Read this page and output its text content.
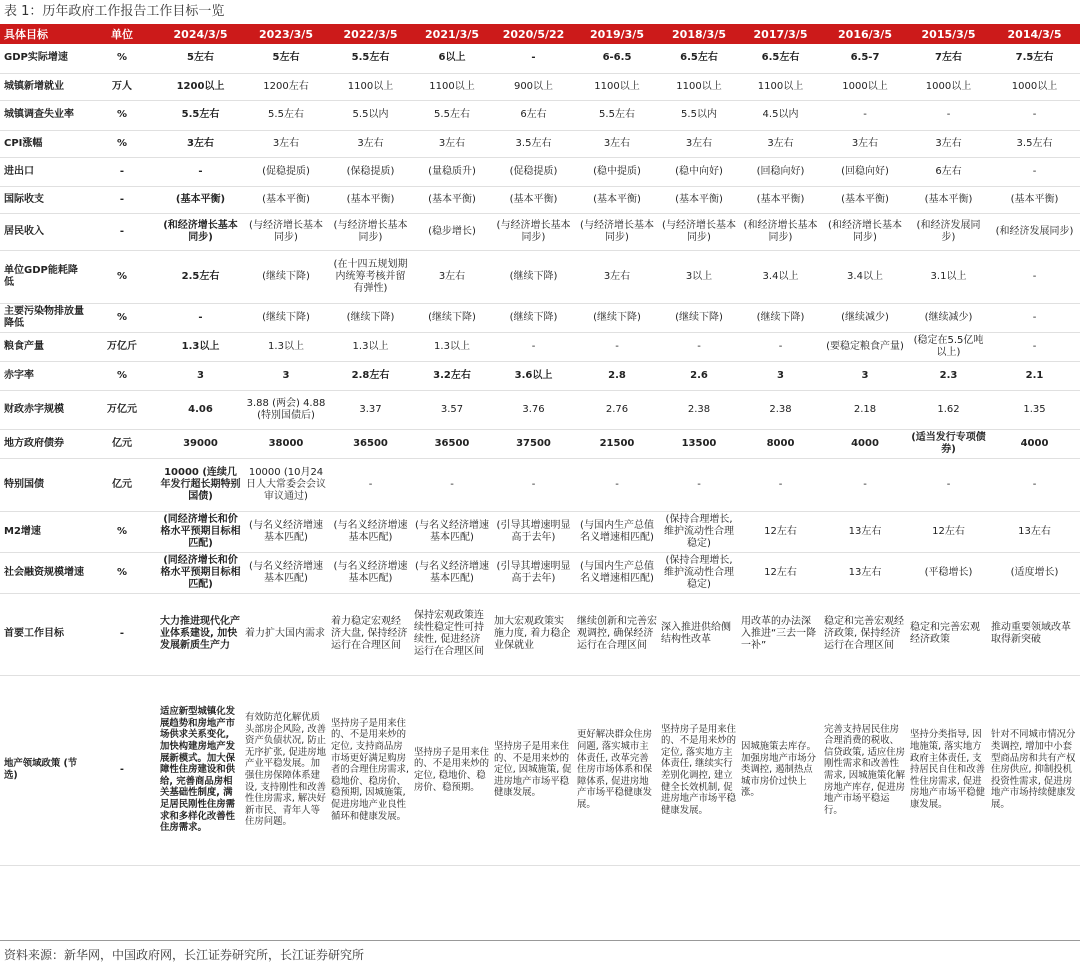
表 1：历年政府工作报告工作目标一览
具体目标	单位	2024/3/5	2023/3/5	2022/3/5	2021/3/5	2020/5/22	2019/3/5	2018/3/5	2017/3/5	2016/3/5	2015/3/5	2014/3/5
GDP实际增速	%	5左右	5左右	5.5左右	6以上	-	6-6.5	6.5左右	6.5左右	6.5-7	7左右	7.5左右
城镇新增就业	万人	1200以上	1200左右	1100以上	1100以上	900以上	1100以上	1100以上	1100以上	1000以上	1000以上	1000以上
城镇调查失业率	%	5.5左右	5.5左右	5.5以内	5.5左右	6左右	5.5左右	5.5以内	4.5以内	-	-	-
CPI涨幅	%	3左右	3左右	3左右	3左右	3.5左右	3左右	3左右	3左右	3左右	3左右	3.5左右
进出口	-	-	(促稳提质)	(保稳提质)	(量稳质升)	(促稳提质)	(稳中提质)	(稳中向好)	(回稳向好)	(回稳向好)	6左右	-
国际收支	-	(基本平衡)	(基本平衡)	(基本平衡)	(基本平衡)	(基本平衡)	(基本平衡)	(基本平衡)	(基本平衡)	(基本平衡)	(基本平衡)	(基本平衡)
居民收入	-	(和经济增长基本同步)	(与经济增长基本同步)	(与经济增长基本同步)	(稳步增长)	(与经济增长基本同步)	(与经济增长基本同步)	(与经济增长基本同步)	(和经济增长基本同步)	(和经济增长基本同步)	(和经济发展同步)	(和经济发展同步)
单位GDP能耗降低	%	2.5左右	(继续下降)	(在十四五规划期内统筹考核并留有弹性)	3左右	(继续下降)	3左右	3以上	3.4以上	3.4以上	3.1以上	-
主要污染物排放量降低	%	-	(继续下降)	(继续下降)	(继续下降)	(继续下降)	(继续下降)	(继续下降)	(继续下降)	(继续减少)	(继续减少)	-
粮食产量	万亿斤	1.3以上	1.3以上	1.3以上	1.3以上	-	-	-	-	(要稳定粮食产量)	(稳定在5.5亿吨以上)	-
赤字率	%	3	3	2.8左右	3.2左右	3.6以上	2.8	2.6	3	3	2.3	2.1
财政赤字规模	万亿元	4.06	3.88 (两会) 4.88(特別国债后)	3.37	3.57	3.76	2.76	2.38	2.38	2.18	1.62	1.35
地方政府债券	亿元	39000	38000	36500	36500	37500	21500	13500	8000	4000	(适当发行专项债券)	4000
特别国债	亿元	10000 (连续几年发行超长期特别国债)	10000 (10月24日人大常委会会议审议通过)	-	-	-	-	-	-	-	-	-
M2增速	%	(同经济增长和价格水平预期目标相匹配)	(与名义经济增速基本匹配)	(与名义经济增速基本匹配)	(与名义经济增速基本匹配)	(引导其增速明显高于去年)	(与国内生产总值名义增速相匹配)	(保持合理增长, 维护流动性合理稳定)	12左右	13左右	12左右	13左右
社会融资规模增速	%	(同经济增长和价格水平预期目标相匹配)	(与名义经济增速基本匹配)	(与名义经济增速基本匹配)	(与名义经济增速基本匹配)	(引导其增速明显高于去年)	(与国内生产总值名义增速相匹配)	(保持合理增长, 维护流动性合理稳定)	12左右	13左右	(平稳增长)	(适度增长)
首要工作目标	-	大力推进现代化产业体系建设, 加快发展新质生产力	着力扩大国内需求	着力稳定宏观经济大盘, 保持经济运行在合理区间	保持宏观政策连续性稳定性可持续性, 促进经济运行在合理区间	加大宏观政策实施力度, 着力稳企业保就业	继续创新和完善宏观调控, 确保经济运行在合理区间	深入推进供给侧结构性改革	用改革的办法深入推进“三去一降一补”	稳定和完善宏观经济政策, 保持经济运行在合理区间	稳定和完善宏观经济政策	推动重要领域改革取得新突破
地产领域政策 (节选)	-	适应新型城镇化发展趋势和房地产市场供求关系变化, 加快构建房地产发展新模式。加大保障性住房建设和供给, 完善商品房相关基础性制度, 满足居民刚性住房需求和多样化改善性住房需求。	有效防范化解优质头部房企风险, 改善资产负债状况, 防止无序扩张, 促进房地产业平稳发展。加强住房保障体系建设, 支持刚性和改善性住房需求, 解决好新市民、青年人等住房问题。	坚持房子是用来住的、不是用来炒的定位, 支持商品房市场更好满足购房者的合理住房需求, 稳地价、稳房价、稳预期, 因城施策, 促进房地产业良性循环和健康发展。	坚持房子是用来住的、不是用来炒的定位, 稳地价、稳房价、稳预期。	坚持房子是用来住的、不是用来炒的定位, 因城施策, 促进房地产市场平稳健康发展。	更好解决群众住房问题, 落实城市主体责任, 改革完善住房市场体系和保障体系, 促进房地产市场平稳健康发展。	坚持房子是用来住的、不是用来炒的定位, 落实地方主体责任, 继续实行差别化调控, 建立健全长效机制, 促进房地产市场平稳健康发展。	因城施策去库存。加强房地产市场分类调控, 遏制热点城市房价过快上涨。	完善支持居民住房合理消费的税收、信贷政策, 适应住房刚性需求和改善性需求, 因城施策化解房地产库存, 促进房地产市场平稳运行。	坚持分类指导, 因地施策, 落实地方政府主体责任, 支持居民自住和改善性住房需求, 促进房地产市场平稳健康发展。	针对不同城市情况分类调控, 增加中小套型商品房和共有产权住房供应, 抑制投机投资性需求, 促进房地产市场持续健康发展。
资料来源：新华网，中国政府网，长江证券研究所，长江证券研究所
